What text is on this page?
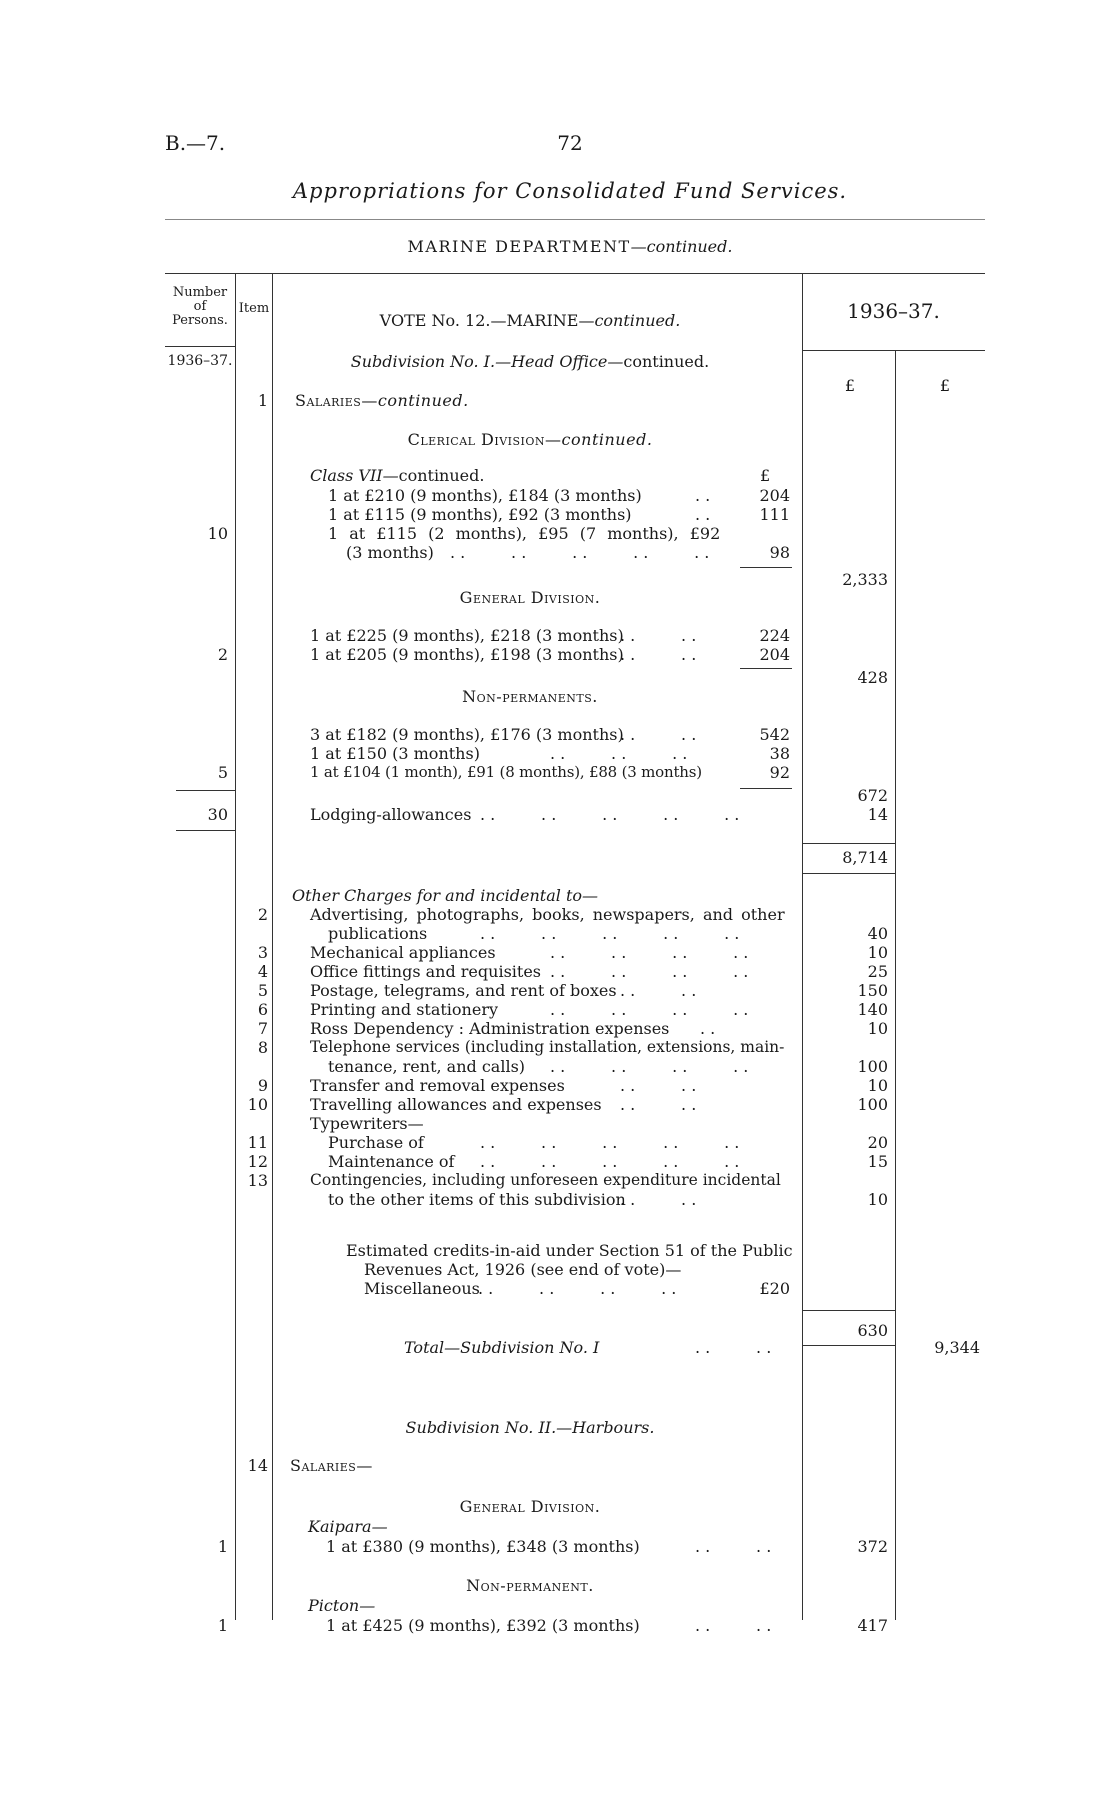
B.—7.	72
Appropriations for Consolidated Fund Services.
MARINE DEPARTMENT—continued.
Number
of
Persons.
Item
VOTE No. 12.—MARINE—continued.	1936–37.
1936–37.
£	£
Subdivision No. I.—Head Office—continued.
1 Salaries—continued.
Clerical Division—continued.
Class VII—continued.	£
1 at £210 (9 months), £184 (3 months)	. .	204
1 at £115 (9 months), £92 (3 months)	. .	111
10	1 at £115 (2 months), £95 (7 months), £92
(3 months) . .         . .         . .         . .         . .	98
2,333
General Division.
1 at £225 (9 months), £218 (3 months)
. .         . .	224
2	1 at £205 (9 months), £198 (3 months)
. .         . .	204
428
Non-permanents.
3 at £182 (9 months), £176 (3 months)
. .         . .	542
1 at £150 (3 months)	. .         . .         . .	38
5	1 at £104 (1 month), £91 (8 months), £88 (3 months)	92
672
30	Lodging-allowances . .         . .         . .         . .         . .	14
8,714
Other Charges for and incidental to—
2	Advertising, photographs, books, newspapers, and other
publications	. .         . .         . .         . .         . .	40
3	Mechanical appliances	. .         . .         . .         . .	10
4	Office fittings and requisites . .         . .         . .         . .	25
5	Postage, telegrams, and rent of boxes . .         . .	150
6	Printing and stationery	. .         . .         . .         . .	140
7	Ross Dependency : Administration expenses . .	10
8	Telephone services (including installation, extensions, main-
tenance, rent, and calls) . .         . .         . .         . .	100
9	Transfer and removal expenses	. .         . .	10
10	Travelling allowances and expenses . .         . .	100
Typewriters—
11	Purchase of	. .         . .         . .         . .         . .	20
12	Maintenance of . .         . .         . .         . .         . .	15
13	Contingencies, including unforeseen expenditure incidental
to the other items of this subdivision
. .         . .	10
Estimated credits-in-aid under Section 51 of the Public
Revenues Act, 1926 (see end of vote)—
Miscellaneous
. .         . .         . .         . .	£20
630
Total—Subdivision No. I	. .         . .	9,344
Subdivision No. II.—Harbours.
14 Salaries—
General Division.
Kaipara—
1	1 at £380 (9 months), £348 (3 months)	. .         . .	372
Non-permanent.
Picton—
1	1 at £425 (9 months), £392 (3 months)	. .         . .	417
